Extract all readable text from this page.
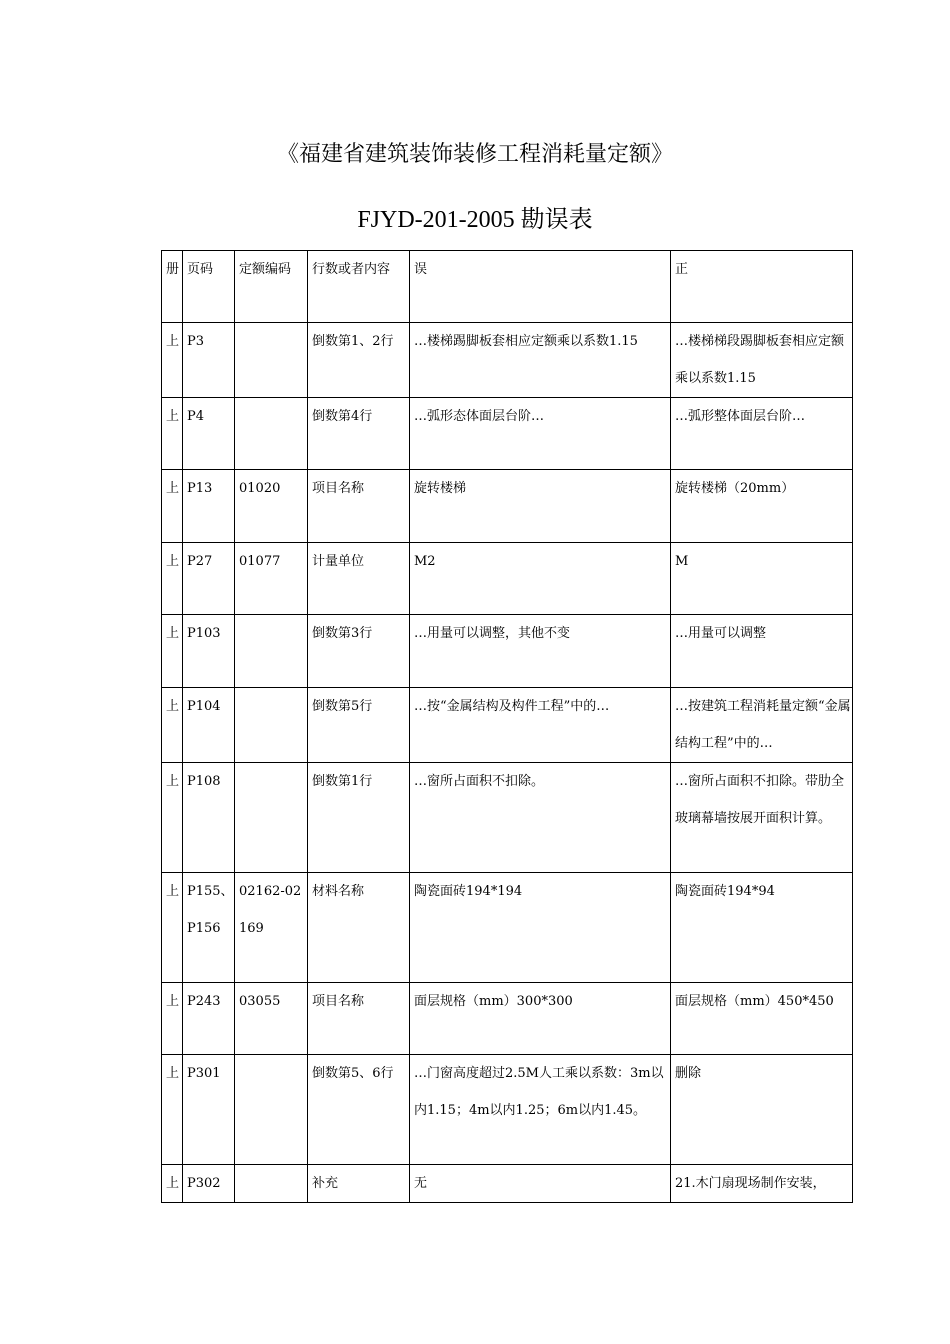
《福建省建筑装饰装修工程消耗量定额》
FJYD-201-2005 勘误表
册	页码	定额编码	行数或者内容	误	正
上	P3		倒数第1、2行	…楼梯踢脚板套相应定额乘以系数1.15	…楼梯梯段踢脚板套相应定额乘以系数1.15
上	P4		倒数第4行	…弧形态体面层台阶…	…弧形整体面层台阶…
上	P13	01020	项目名称	旋转楼梯	旋转楼梯（20mm）
上	P27	01077	计量单位	M2	M
上	P103		倒数第3行	…用量可以调整，其他不变	…用量可以调整
上	P104		倒数第5行	…按“金属结构及构件工程”中的…	…按建筑工程消耗量定额“金属结构工程”中的…
上	P108		倒数第1行	…窗所占面积不扣除。	…窗所占面积不扣除。带肋全玻璃幕墙按展开面积计算。
上	P155、P156	02162-02169	材料名称	陶瓷面砖194*194	陶瓷面砖194*94
上	P243	03055	项目名称	面层规格（mm）300*300	面层规格（mm）450*450
上	P301		倒数第5、6行	…门窗高度超过2.5M人工乘以系数：3m以内1.15；4m以内1.25；6m以内1.45。	删除
上	P302		补充	无	21.木门扇现场制作安装，
